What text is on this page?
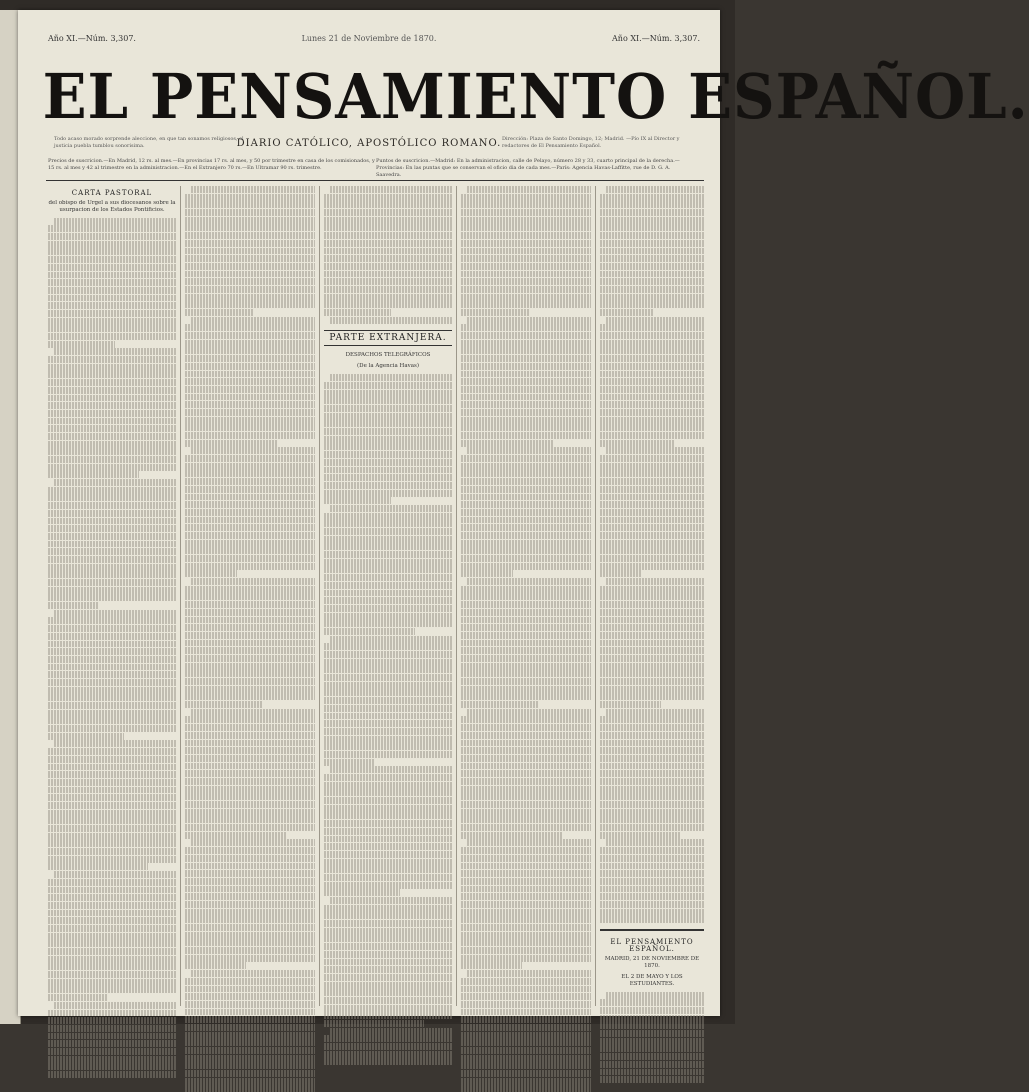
Año XI.—Núm. 3,307.	Lunes 21 de Noviembre de 1870.	Año XI.—Núm. 3,307.
EL PENSAMIENTO ESPAÑOL.
Todo acaso morado sorprende aleccione, en que tan sonamos religiosos, el justicia puebla tumblou sonorisima.	DIARIO CATÓLICO, APOSTÓLICO ROMANO. Dirección: Plaza de Santo Domingo, 12; Madrid. —Pío IX al Director y redactores de El Pensamiento Español.
Precios de suscricion.—En Madrid, 12 rs. al mes.—En provincias 17 rs. al mes, y 50 por trimestre en casa de los comisionados, y 15 rs. al mes y 42 al trimestre en la administracion.—En el Extranjero 70 rs.—En Ultramar 90 rs. trimestre.
Puntos de suscricion.—Madrid: En la administracion, calle de Pelayo, número 28 y 33, cuarto principal de la derecha.—Provincias: En las puntas que se conservan el oficio dia de cada mes.—París: Agencia Havas-Laffitte, rue de D. G. A. Saavedra.
CARTA PASTORAL
del obispo de Urgel a sus diocesanos sobre la usurpacion de los Estados Pontificios.
PARTE EXTRANJERA.
DESPACHOS TELEGRÁFICOS
(De la Agencia Havas)
EL PENSAMIENTO ESPAÑOL.
MADRID, 21 DE NOVIEMBRE DE 1870.
EL 2 DE MAYO Y LOS ESTUDIANTES.
